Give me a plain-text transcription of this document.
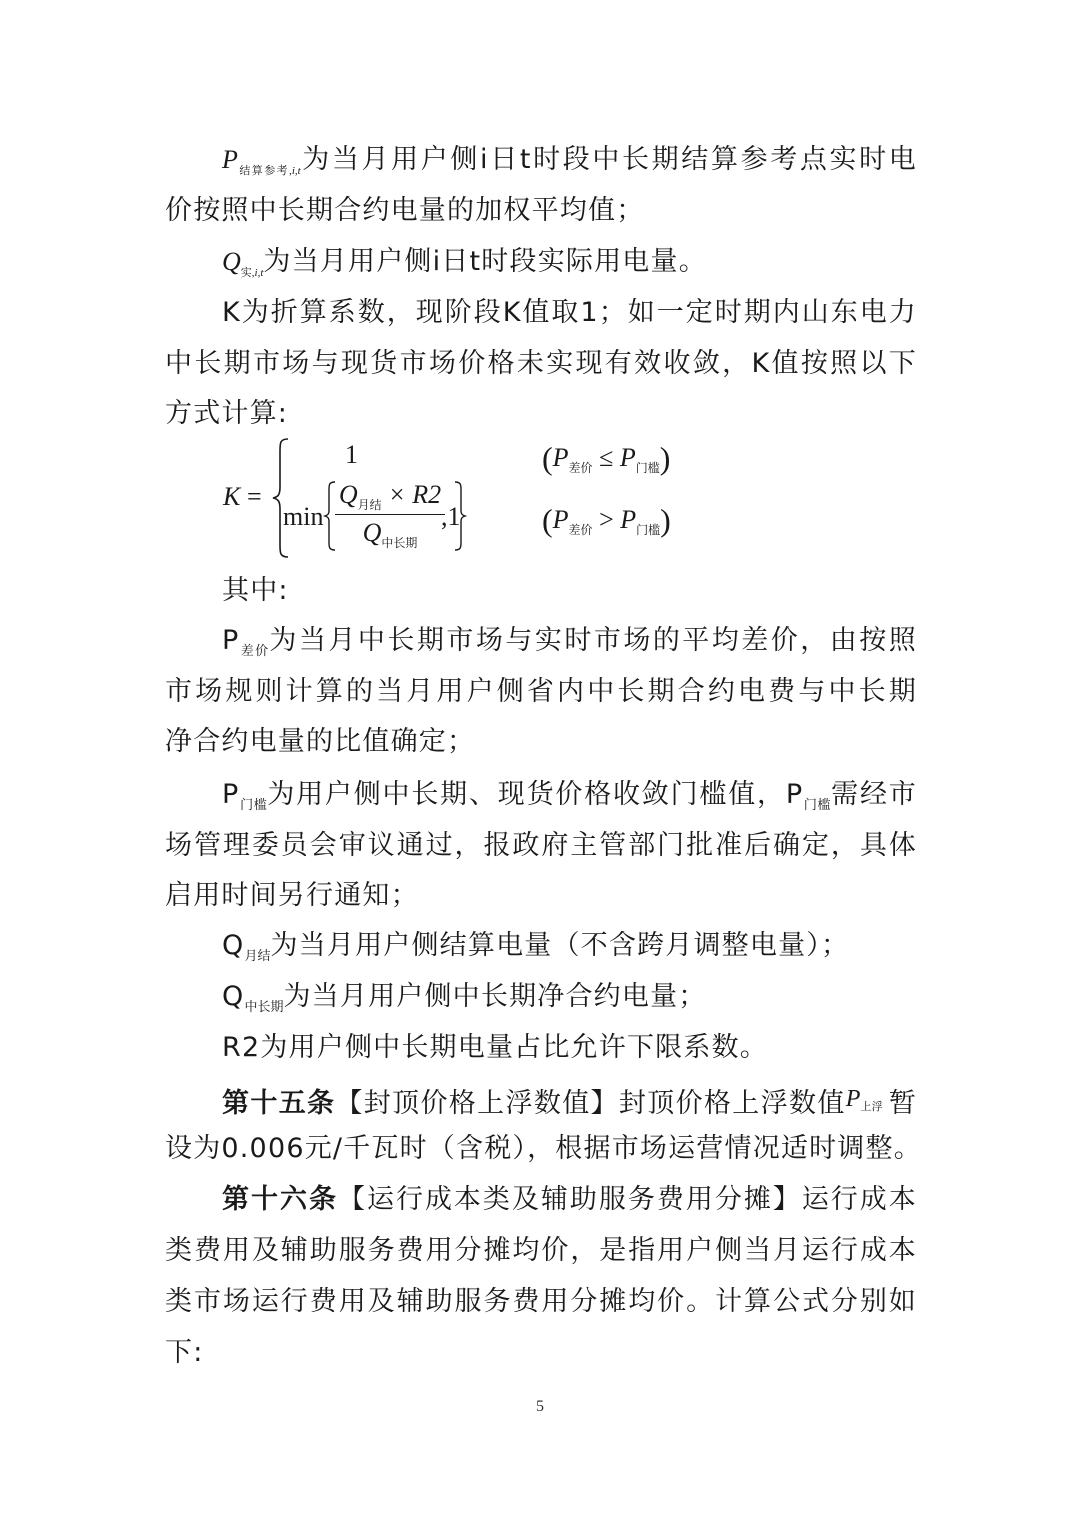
$P_{结算参考,i,t}$为当月用户侧i日t时段中长期结算参考点实时电
价按照中长期合约电量的加权平均值；
$Q_{实,i,t}$为当月用户侧i日t时段实际用电量。
K为折算系数，现阶段K值取1；如一定时期内山东电力
中长期市场与现货市场价格未实现有效收敛，K值按照以下
方式计算:
K =
1
min
$Q_{月结} \times R2$
$Q_{中长期}$
,1
$(P_{差价} \le P_{门槛})$
$(P_{差价} > P_{门槛})$
其中:
$P_{差价}$为当月中长期市场与实时市场的平均差价，由按照
市场规则计算的当月用户侧省内中长期合约电费与中长期
净合约电量的比值确定；
$P_{门槛}$为用户侧中长期、现货价格收敛门槛值，$P_{门槛}$需经市
场管理委员会审议通过，报政府主管部门批准后确定，具体
启用时间另行通知；
$Q_{月结}$为当月用户侧结算电量（不含跨月调整电量）；
$Q_{中长期}$为当月用户侧中长期净合约电量；
R2为用户侧中长期电量占比允许下限系数。
第十五条【封顶价格上浮数值】封顶价格上浮数值P上浮 暂
设为0.006元/千瓦时（含税），根据市场运营情况适时调整。
第十六条【运行成本类及辅助服务费用分摊】运行成本
类费用及辅助服务费用分摊均价，是指用户侧当月运行成本
类市场运行费用及辅助服务费用分摊均价。计算公式分别如
下:
5
